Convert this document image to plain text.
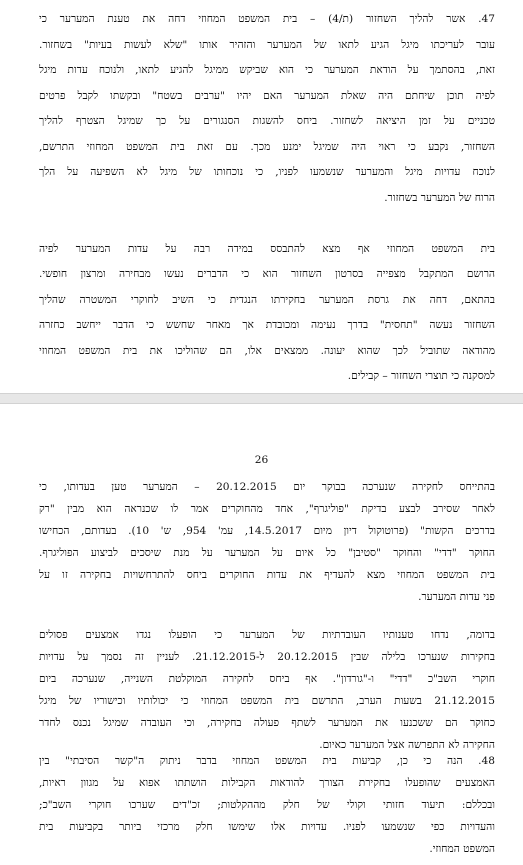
47. אשר להליך השחזור (ת/4) – בית המשפט המחוזי דחה את טענת המערער כי
עובר לעריכתו מיגל הגיע לתאו של המערער והזהיר אותו "שלא לעשות בעיות" בשחזור.
זאת, בהסתמך על הודאת המערער כי הוא שביקש ממיגל להגיע לתאו, ולנוכח עדות מיגל
לפיה תוכן שיחתם היה שאלת המערער האם יהיו "ערבים בשטח" ובקשתו לקבל פרטים
טכניים על זמן היציאה לשחזור. ביחס להשגות הסנגורים על כך שמיגל הצטרף להליך
השחזור, נקבע כי ראוי היה שמיגל ימנע מכך. עם זאת בית המשפט המחוזי התרשם,
לנוכח עדויות מיגל והמערער שנשמעו לפניו, כי נוכחותו של מיגל לא השפיעה על הלך
הרוח של המערער בשחזור.
בית המשפט המחוזי אף מצא להתבסס במידה רבה על עדות המערער לפיה
הרושם המתקבל מצפייה בסרטון השחזור הוא כי הדברים נעשו מבחירה ומרצון חופשי.
בהתאם, דחה את גרסת המערער בחקירתו הנגדית כי השיב לחוקרי המשטרה שהליך
השחזור נעשה "תחסית" בדרך נעימה ומכובדת אך מאחר שחשש כי הדבר ייחשב כחזרה
מהודאה שתוביל לכך שהוא יעונה. ממצאים אלו, הם שהוליכו את בית המשפט המחוזי
למסקנה כי תוצרי השחזור – קבילים.
26
בהתייחס לחקירה שנערכה בבוקר יום 20.12.2015 – המערער טען בעדותו, כי
לאחר שסירב לבצע בדיקת "פוליגרף", אחד מהחוקרים אמר לו שכנראה הוא מבין "רק
בדרכים הקשות" (פרוטוקול דיון מיום 14.5.2017, עמ' 954, ש' 10). בעדותם, הכחישו
החוקר "דדי" והחוקר "סטיבן" כל איום על המערער על מנת שיסכים לביצוע הפוליגרף.
בית המשפט המחוזי מצא להעדיף את עדות החוקרים ביחס להתרחשויות בחקירה זו על
פני עדות המערער.
בדומה, נדחו טענותיו העובדתיות של המערער כי הופעלו נגדו אמצעים פסולים
בחקירות שנערכו בלילה שבין 20.12.2015 ל-21.12.2015. לעניין זה נסמך על עדויות
חוקרי השב"כ "דדי" ו-"גורדון". אף ביחס לחקירה המוקלטת השנייה, שנערכה ביום
21.12.2015 בשעות הערב, התרשם בית המשפט המחוזי כי יכולותיו וכישוריו של מיגל
כחוקר הם ששכנעו את המערער לשתף פעולה בחקירה, וכי העובדה שמיגל נכנס לחדר
החקירה לא התפרשה אצל המערער כאיום.
48. הנה כי כן, קביעות בית המשפט המחוזי בדבר ניתוק ה"קשר הסיבתי" בין
האמצעים שהופעלו בחקירת הצורך להודאות הקבילות הושתתו אפוא על מגוון ראיות,
ובכללם: תיעוד חזותי וקולי של חלק מההקלטות; זכ"דים שערכו חוקרי השב"כ;
והעדויות כפי שנשמעו לפניו. עדויות אלו שימשו חלק מרכזי ביותר בקביעות בית
המשפט המחוזי.
